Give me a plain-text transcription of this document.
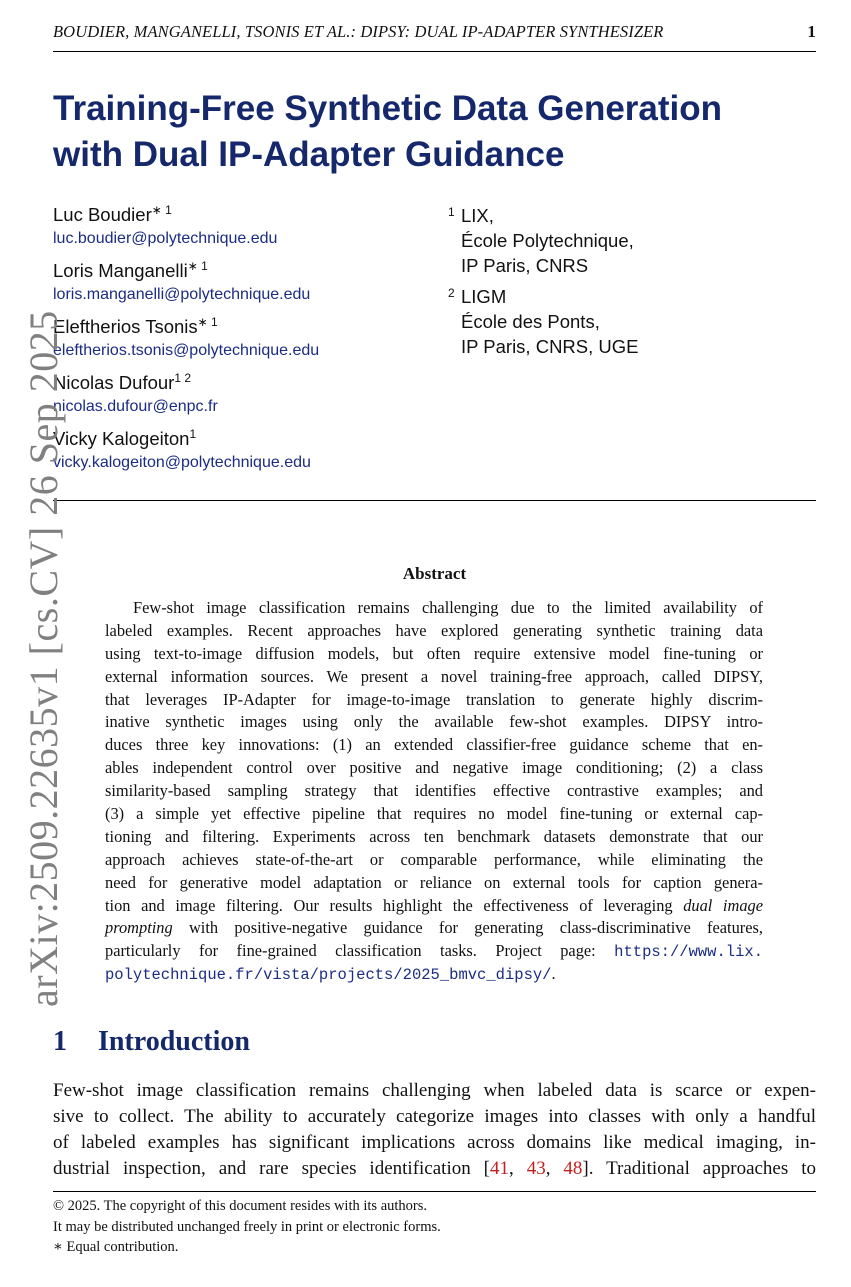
BOUDIER, MANGANELLI, TSONIS ET AL.: DIPSY: DUAL IP-ADAPTER SYNTHESIZER	1
Training-Free Synthetic Data Generation
with Dual IP-Adapter Guidance
Luc Boudier$^{∗ 1}$
luc.boudier@polytechnique.edu
Loris Manganelli$^{∗ 1}$
loris.manganelli@polytechnique.edu
Eleftherios Tsonis$^{∗ 1}$
eleftherios.tsonis@polytechnique.edu
Nicolas Dufour$^{1 2}$
nicolas.dufour@enpc.fr
Vicky Kalogeiton$^1$
vicky.kalogeiton@polytechnique.edu
1 LIX,
École Polytechnique,
IP Paris, CNRS
2 LIGM
École des Ponts,
IP Paris, CNRS, UGE
arXiv:2509.22635v1 [cs.CV] 26 Sep 2025	Abstract
Few-shot image classification remains challenging due to the limited availability of
labeled examples. Recent approaches have explored generating synthetic training data
using text-to-image diffusion models, but often require extensive model fine-tuning or
external information sources. We present a novel training-free approach, called DIPSY,
that leverages IP-Adapter for image-to-image translation to generate highly discrim-
inative synthetic images using only the available few-shot examples. DIPSY intro-
duces three key innovations: (1) an extended classifier-free guidance scheme that en-
ables independent control over positive and negative image conditioning; (2) a class
similarity-based sampling strategy that identifies effective contrastive examples; and
(3) a simple yet effective pipeline that requires no model fine-tuning or external cap-
tioning and filtering. Experiments across ten benchmark datasets demonstrate that our
approach achieves state-of-the-art or comparable performance, while eliminating the
need for generative model adaptation or reliance on external tools for caption genera-
tion and image filtering. Our results highlight the effectiveness of leveraging dual image
prompting with positive-negative guidance for generating class-discriminative features,
particularly for fine-grained classification tasks. Project page: https://www.lix.
polytechnique.fr/vista/projects/2025_bmvc_dipsy/.
1 Introduction
Few-shot image classification remains challenging when labeled data is scarce or expen-
sive to collect. The ability to accurately categorize images into classes with only a handful
of labeled examples has significant implications across domains like medical imaging, in-
dustrial inspection, and rare species identification [41, 43, 48]. Traditional approaches to
© 2025. The copyright of this document resides with its authors.
It may be distributed unchanged freely in print or electronic forms.
∗ Equal contribution.
